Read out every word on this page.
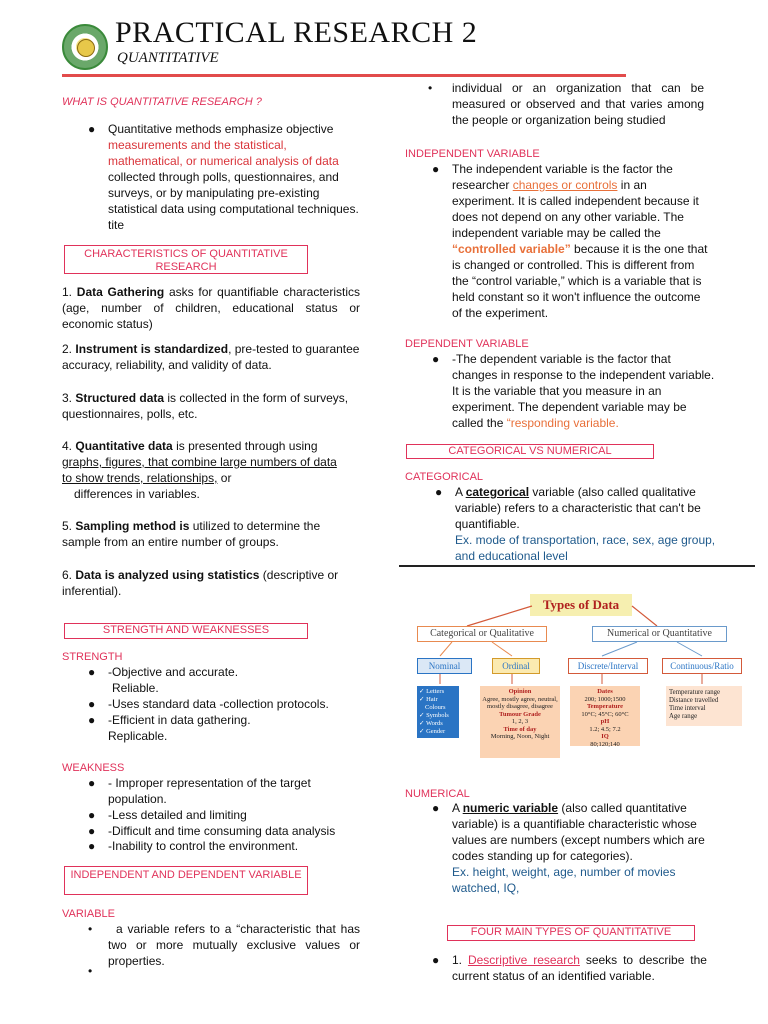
PRACTICAL RESEARCH 2
QUANTITATIVE
WHAT IS QUANTITATIVE RESEARCH ?
● Quantitative methods emphasize objective measurements and the statistical, mathematical, or numerical analysis of data collected through polls, questionnaires, and surveys, or by manipulating pre-existing statistical data using computational techniques. tite
CHARACTERISTICS OF QUANTITATIVE RESEARCH
1. Data Gathering asks for quantifiable characteristics (age, number of children, educational status or economic status)
2. Instrument is standardized, pre-tested to guarantee accuracy, reliability, and validity of data.
3. Structured data is collected in the form of surveys, questionnaires, polls, etc.
4. Quantitative data is presented through using graphs, figures, that combine large numbers of data to show trends, relationships, or
differences in variables.
5. Sampling method is utilized to determine the sample from an entire number of groups.
6. Data is analyzed using statistics (descriptive or inferential).
STRENGTH AND WEAKNESSES
STRENGTH
● -Objective and accurate.
Reliable.
● -Uses standard data -collection protocols.
● -Efficient in data gathering.
Replicable.
WEAKNESS
● - Improper representation of the target population.
● -Less detailed and limiting
● -Difficult and time consuming data analysis
● -Inability to control the environment.
INDEPENDENT AND DEPENDENT VARIABLE
VARIABLE
• a variable refers to a “characteristic that has two or more mutually exclusive values or properties.
•
• individual or an organization that can be measured or observed and that varies among the people or organization being studied
INDEPENDENT VARIABLE
● The independent variable is the factor the researcher changes or controls in an experiment. It is called independent because it does not depend on any other variable. The independent variable may be called the “controlled variable” because it is the one that is changed or controlled. This is different from the “control variable,” which is a variable that is held constant so it won't influence the outcome of the experiment.
DEPENDENT VARIABLE
● -The dependent variable is the factor that changes in response to the independent variable. It is the variable that you measure in an experiment. The dependent variable may be called the “responding variable.
CATEGORICAL VS NUMERICAL
CATEGORICAL
● A categorical variable (also called qualitative variable) refers to a characteristic that can't be quantifiable.
Ex. mode of transportation, race, sex, age group, and educational level
Types of Data
Categorical or Qualitative	Numerical or Quantitative
Nominal	Ordinal	Discrete/Interval	Continuous/Ratio
✓ Letters
✓ Hair
Colours
✓ Symbols
✓ Words
✓ Gender
Opinion
Agree, mostly agree, neutral, mostly disagree, disagree
Tumour Grade
1, 2, 3
Time of day
Morning, Noon, Night
Dates
200; 1000;1500
Temperature
10°C; 45°C; 60°C
pH
1.2; 4.5; 7.2
IQ
80;120;140
Temperature range
Distance travelled
Time interval
Age range
NUMERICAL
● A numeric variable (also called quantitative variable) is a quantifiable characteristic whose values are numbers (except numbers which are codes standing up for categories).
Ex. height, weight, age, number of movies watched, IQ,
FOUR MAIN TYPES OF QUANTITATIVE
● 1. Descriptive research seeks to describe the current status of an identified variable.
